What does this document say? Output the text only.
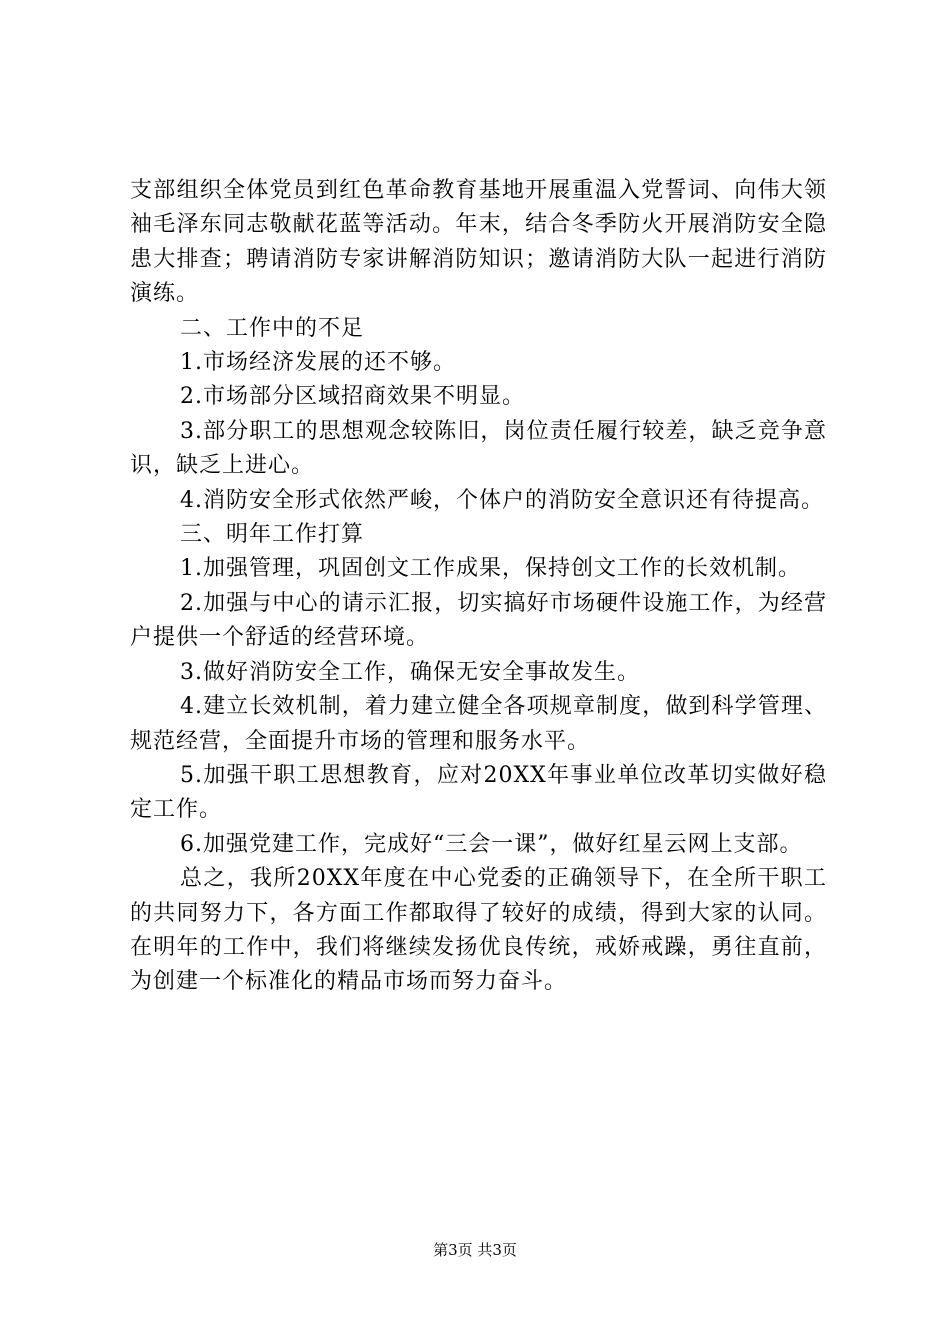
支部组织全体党员到红色革命教育基地开展重温入党誓词、向伟大领袖毛泽东同志敬献花蓝等活动。年末，结合冬季防火开展消防安全隐患大排查；聘请消防专家讲解消防知识；邀请消防大队一起进行消防演练。

二、工作中的不足

1.市场经济发展的还不够。

2.市场部分区域招商效果不明显。

3.部分职工的思想观念较陈旧，岗位责任履行较差，缺乏竞争意识，缺乏上进心。

4.消防安全形式依然严峻，个体户的消防安全意识还有待提高。

三、明年工作打算

1.加强管理，巩固创文工作成果，保持创文工作的长效机制。

2.加强与中心的请示汇报，切实搞好市场硬件设施工作，为经营户提供一个舒适的经营环境。

3.做好消防安全工作，确保无安全事故发生。

4.建立长效机制，着力建立健全各项规章制度，做到科学管理、规范经营，全面提升市场的管理和服务水平。

5.加强干职工思想教育，应对20XX年事业单位改革切实做好稳定工作。

6.加强党建工作，完成好“三会一课”，做好红星云网上支部。

总之，我所20XX年度在中心党委的正确领导下，在全所干职工的共同努力下，各方面工作都取得了较好的成绩，得到大家的认同。在明年的工作中，我们将继续发扬优良传统，戒娇戒躁，勇往直前，为创建一个标准化的精品市场而努力奋斗。

第3页 共3页
